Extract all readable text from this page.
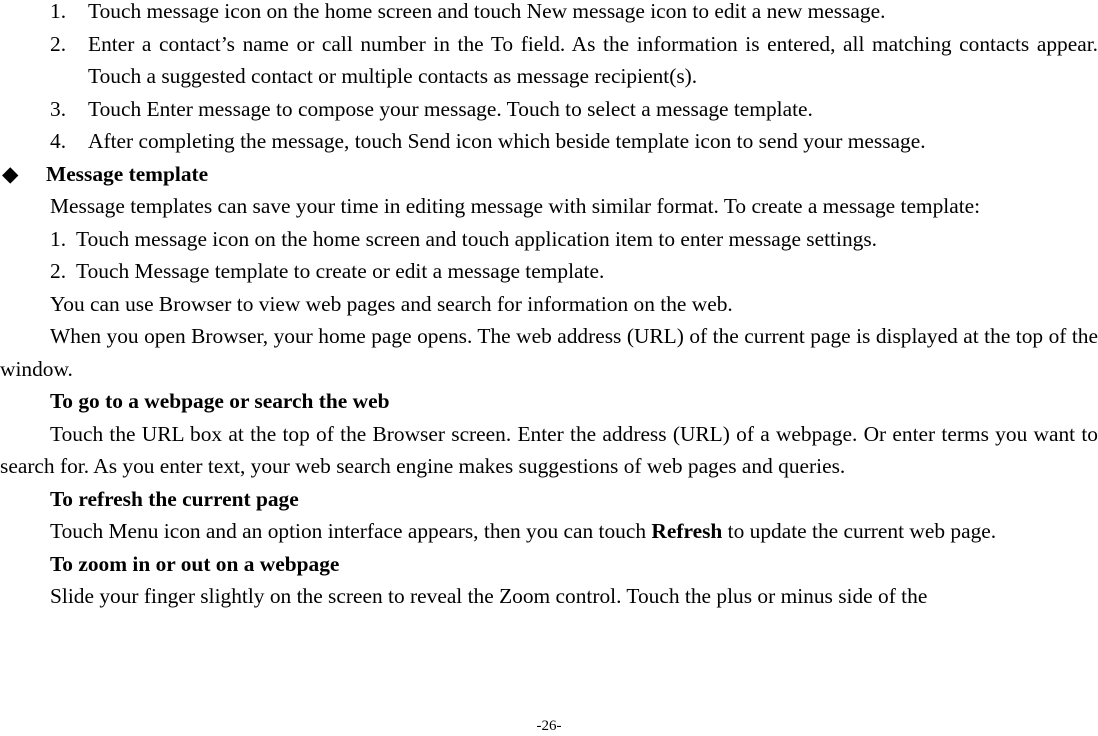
1.	Touch message icon on the home screen and touch New message icon to edit a new message.
2.	Enter a contact’s name or call number in the To field. As the information is entered, all matching contacts appear. Touch a suggested contact or multiple contacts as message recipient(s).
3.	Touch Enter message to compose your message. Touch to select a message template.
4.	After completing the message, touch Send icon which beside template icon to send your message.
◆	Message template

Message templates can save your time in editing message with similar format. To create a message template:

1. Touch message icon on the home screen and touch application item to enter message settings.
2. Touch Message template to create or edit a message template.

You can use Browser to view web pages and search for information on the web.

When you open Browser, your home page opens. The web address (URL) of the current page is displayed at the top of the window.

To go to a webpage or search the web

Touch the URL box at the top of the Browser screen. Enter the address (URL) of a webpage. Or enter terms you want to search for. As you enter text, your web search engine makes suggestions of web pages and queries.

To refresh the current page

Touch Menu icon and an option interface appears, then you can touch Refresh to update the current web page.

To zoom in or out on a webpage

Slide your finger slightly on the screen to reveal the Zoom control. Touch the plus or minus side of the

-26-
